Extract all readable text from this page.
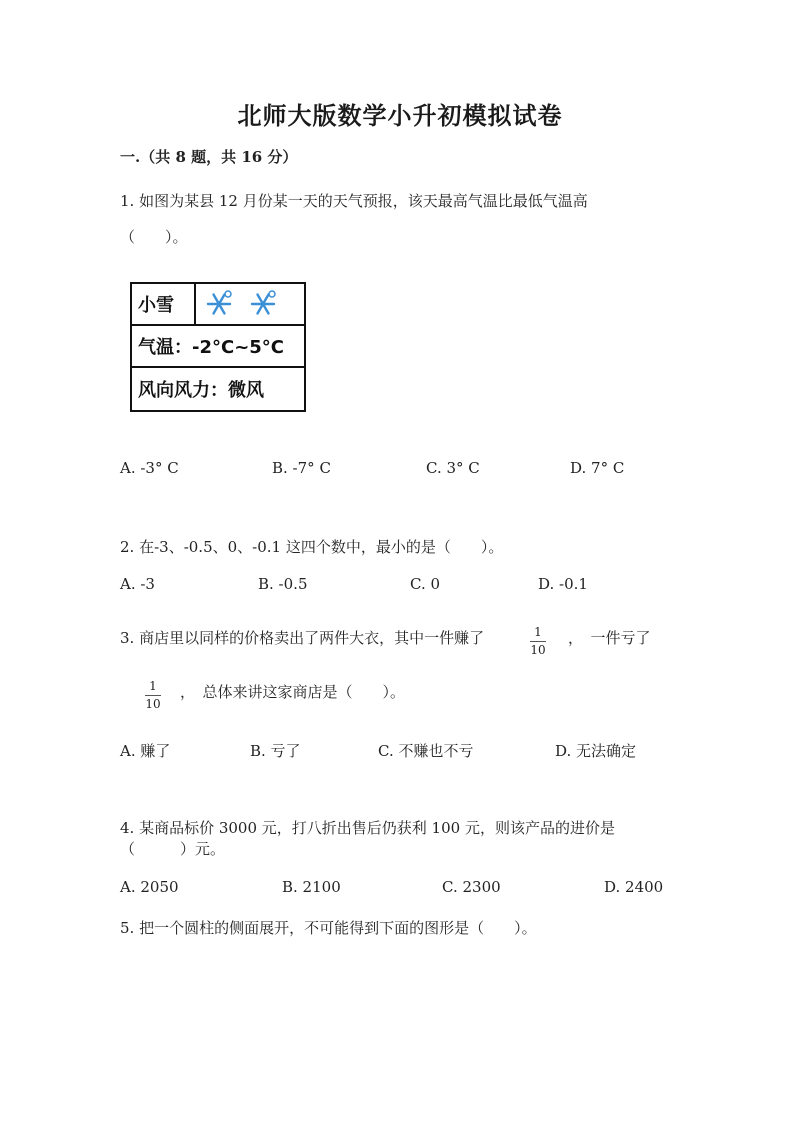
北师大版数学小升初模拟试卷
一.（共 8 题，共 16 分）
1. 如图为某县 12 月份某一天的天气预报，该天最高气温比最低气温高
（　　）。
小雪
气温：-2°C~5°C
风向风力：微风
A. -3° C	B. -7° C	C. 3° C	D. 7° C
2. 在-3、-0.5、0、-0.1 这四个数中，最小的是（　　）。
A. -3	B. -0.5	C. 0	D. -0.1
3. 商店里以同样的价格卖出了两件大衣，其中一件赚了	$\frac{1}{10}$ ，　一件亏了
$\frac{1}{10}$ ，　总体来讲这家商店是（　　）。
A. 赚了	B. 亏了	C. 不赚也不亏	D. 无法确定
4. 某商品标价 3000 元，打八折出售后仍获利 100 元，则该产品的进价是
（　　　）元。
A. 2050	B. 2100	C. 2300	D. 2400
5. 把一个圆柱的侧面展开，不可能得到下面的图形是（　　）。
